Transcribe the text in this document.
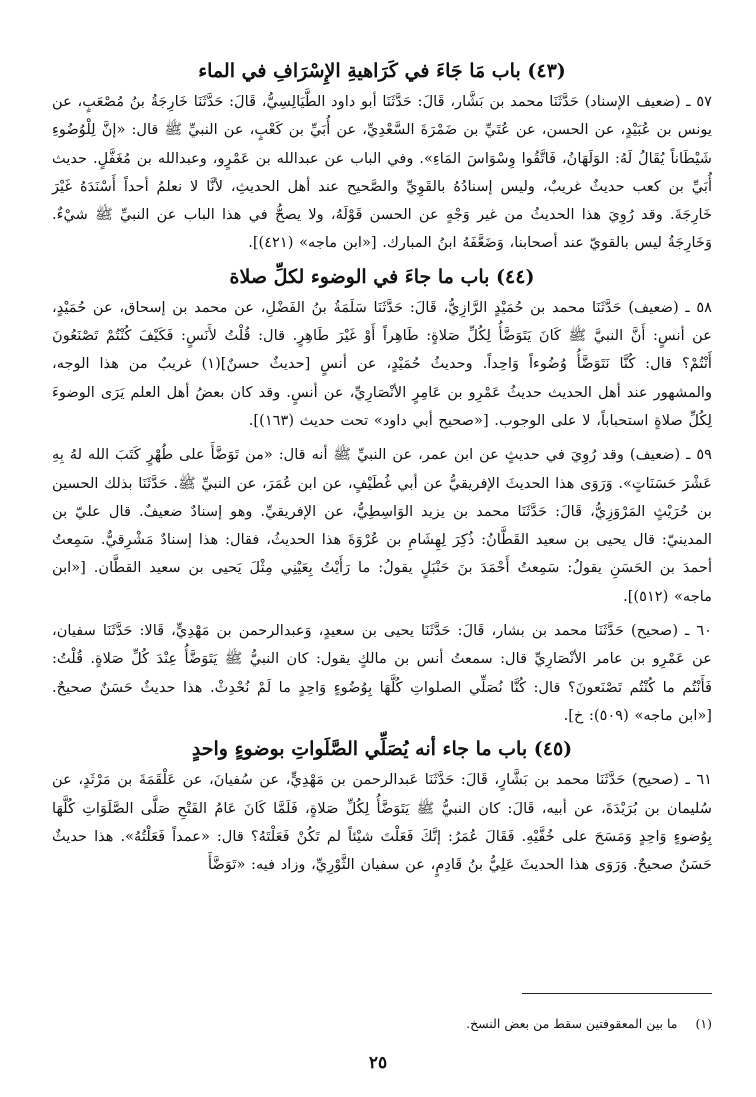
(٤٣) باب مَا جَاءَ في كَرَاهيةِ الإِسْرَافِ في الماء

٥٧ ـ (ضعيف الإسناد) حَدَّثَنَا محمد بن بَشَّار، قَالَ: حَدَّثَنَا أبو داود الطَّيَالِسِيُّ، قَالَ: حَدَّثَنَا خَارِجَةُ بنُ مُصْعَبٍ، عن يونس بن عُبَيْدٍ، عن الحسن، عن عُتَيِّ بن ضَمْرَةَ السَّعْدِيِّ، عن أُبَيِّ بن كَعْبٍ، عن النبيِّ ﷺ قال: «إنَّ لِلْوُضُوءِ شَيْطَاناً يُقَالُ لَهُ: الوَلَهَانُ، فَاتَّقُوا وِسْوَاسَ المَاءِ». وفي الباب عن عبدالله بن عَمْرٍو، وعبدالله بن مُغَفَّلٍ. حديث أُبَيِّ بن كعب حديثٌ غريبٌ، وليس إسنادُهُ بالقَوِيِّ والصَّحيح عند أهل الحديثِ، لأنَّا لا نعلمُ أحداً أَسْنَدَهُ غَيْرَ خَارِجَةَ. وقد رُوِيَ هذا الحديثُ من غير وَجْهٍ عن الحسن قَوْلَهُ، ولا يصحُّ في هذا الباب عن النبيِّ ﷺ شيْءٌ. وَخَارِجَةُ ليس بالقويّ عند أصحابنا، وَضَعَّفَهُ ابنُ المبارك. [«ابن ماجه» (٤٢١)].

(٤٤) باب ما جاءَ في الوضوء لكلِّ صلاة

٥٨ ـ (ضعيف) حَدَّثَنَا محمد بن حُمَيْدٍ الرَّازِيُّ، قَالَ: حَدَّثَنَا سَلَمَةُ بنُ الفَضْلِ، عن محمد بن إسحاق، عن حُمَيْدٍ، عن أنسٍ: أَنَّ النبيَّ ﷺ كَانَ يَتَوَضَّأُ لِكُلِّ صَلاةٍ: طَاهِراً أَوْ غَيْرَ طَاهِرٍ. قال: قُلْتُ لأَنَسٍ: فَكَيْفَ كُنْتُمْ تَصْنَعُونَ أَنْتُمْ؟ قال: كُنَّا نَتَوَضَّأُ وُضُوءاً وَاحِداً. وحديثُ حُمَيْدٍ، عن أنسٍ [حديثٌ حسنٌ](١) غريبٌ من هذا الوجه، والمشهور عند أهل الحديث حديثُ عَمْرِو بن عَامِرٍ الأنْصَارِيِّ، عن أنسٍ. وقد كان بعضُ أهل العلم يَرَى الوضوءَ لِكُلِّ صلاةٍ استحباباً، لا على الوجوب. [«صحيح أبي داود» تحت حديث (١٦٣)].

٥٩ ـ (ضعيف) وقد رُوِيَ في حديثٍ عن ابن عمر، عن النبيِّ ﷺ أنه قال: «من تَوَضَّأَ على طُهْرٍ كَتَبَ الله لهُ بِهِ عَشْرَ حَسَنَاتٍ». وَرَوَى هذا الحديثَ الإفريقيُّ عن أبي غُطَيْفٍ، عن ابن عُمَرَ، عن النبيِّ ﷺ. حَدَّثَنَا بذلك الحسين بن حُرَيْثٍ المَرْوَزِيُّ، قَالَ: حَدَّثَنَا محمد بن يزيد الوَاسِطِيُّ، عن الإفريقيِّ. وهو إسنادٌ ضعيفٌ. قال عليّ بن المدينيّ: قال يحيى بن سعيد القَطَّانُ: ذُكِرَ لِهِشَامِ بن عُرْوَةَ هذا الحديثُ، فقال: هذا إسنادٌ مَشْرِقيٌّ. سَمِعتُ أحمدَ بن الحَسَنِ يقولُ: سَمِعتُ أَحْمَدَ بنَ حَنْبَلٍ يقولُ: ما رَأَيْتُ بِعَيْنِي مِثْلَ يَحيى بن سعيد القطَّان. [«ابن ماجه» (٥١٢)].

٦٠ ـ (صحيح) حَدَّثَنَا محمد بن بشار، قَالَ: حَدَّثَنَا يحيى بن سعيدٍ، وَعبدالرحمن بن مَهْدِيٍّ، قَالا: حَدَّثَنَا سفيان، عن عَمْرِو بن عامر الأنْصَارِيِّ قال: سمعتُ أنس بن مالكٍ يقول: كان النبيُّ ﷺ يَتَوَضَّأُ عِنْدَ كُلِّ صَلاةٍ. قُلْتُ: فَأَنْتُم ما كُنْتُم تَصْنَعونَ؟ قال: كُنَّا نُصَلِّي الصلواتِ كُلَّهَا بِوُضُوءٍ وَاحِدٍ ما لَمْ نُحْدِثْ. هذا حديثٌ حَسَنٌ صحيحٌ. [«ابن ماجه» (٥٠٩): خ].

(٤٥) باب ما جاء أنه يُصَلِّي الصَّلَواتِ بوضوءٍ واحدٍ

٦١ ـ (صحيح) حَدَّثَنَا محمد بن بَشَّارٍ، قَالَ: حَدَّثَنَا عَبدالرحمن بن مَهْدِيٍّ، عن سُفيانَ، عن عَلْقَمَةَ بن مَرْثَدٍ، عن سُليمان بن بُرَيْدَةَ، عن أبيه، قَالَ: كان النبيُّ ﷺ يَتَوَضَّأُ لِكُلِّ صَلاةٍ، فَلَمَّا كَانَ عَامُ الفَتْحِ صَلَّى الصَّلَوَاتِ كُلَّهَا بِوُضوءٍ وَاحِدٍ وَمَسَحَ على خُفَّيْهِ. فَقَالَ عُمَرُ: إنَّكَ فَعَلْتَ شيْئاً لم تَكُنْ فَعَلْتَهُ؟ قال: «عمداً فَعَلْتُهُ». هذا حديثٌ حَسَنٌ صحيحٌ. وَرَوَى هذا الحديثَ عَلِيُّ بنُ قَادِمٍ، عن سفيان الثَّوْرِيِّ، وزاد فيه: «تَوَضَّأَ

(١) ما بين المعقوفتين سقط من بعض النسخ.
٢٥
